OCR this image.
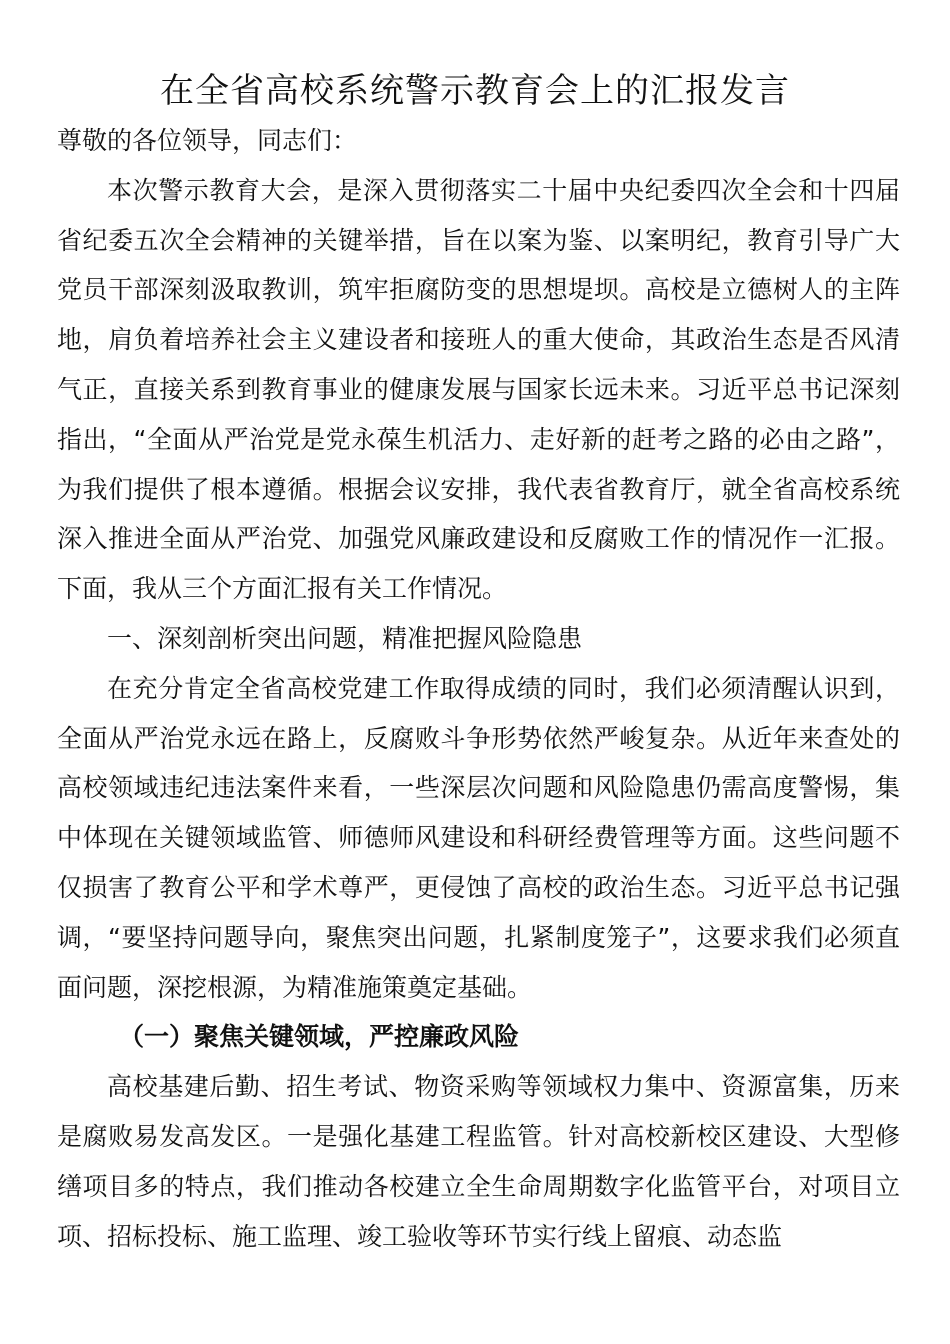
在全省高校系统警示教育会上的汇报发言

尊敬的各位领导，同志们：

本次警示教育大会，是深入贯彻落实二十届中央纪委四次全会和十四届省纪委五次全会精神的关键举措，旨在以案为鉴、以案明纪，教育引导广大党员干部深刻汲取教训，筑牢拒腐防变的思想堤坝。高校是立德树人的主阵地，肩负着培养社会主义建设者和接班人的重大使命，其政治生态是否风清气正，直接关系到教育事业的健康发展与国家长远未来。习近平总书记深刻指出，“全面从严治党是党永葆生机活力、走好新的赶考之路的必由之路”，为我们提供了根本遵循。根据会议安排，我代表省教育厅，就全省高校系统深入推进全面从严治党、加强党风廉政建设和反腐败工作的情况作一汇报。下面，我从三个方面汇报有关工作情况。

一、深刻剖析突出问题，精准把握风险隐患

在充分肯定全省高校党建工作取得成绩的同时，我们必须清醒认识到，全面从严治党永远在路上，反腐败斗争形势依然严峻复杂。从近年来查处的高校领域违纪违法案件来看，一些深层次问题和风险隐患仍需高度警惕，集中体现在关键领域监管、师德师风建设和科研经费管理等方面。这些问题不仅损害了教育公平和学术尊严，更侵蚀了高校的政治生态。习近平总书记强调，“要坚持问题导向，聚焦突出问题，扎紧制度笼子”，这要求我们必须直面问题，深挖根源，为精准施策奠定基础。

（一）聚焦关键领域，严控廉政风险

高校基建后勤、招生考试、物资采购等领域权力集中、资源富集，历来是腐败易发高发区。一是强化基建工程监管。针对高校新校区建设、大型修缮项目多的特点，我们推动各校建立全生命周期数字化监管平台，对项目立项、招标投标、施工监理、竣工验收等环节实行线上留痕、动态监
